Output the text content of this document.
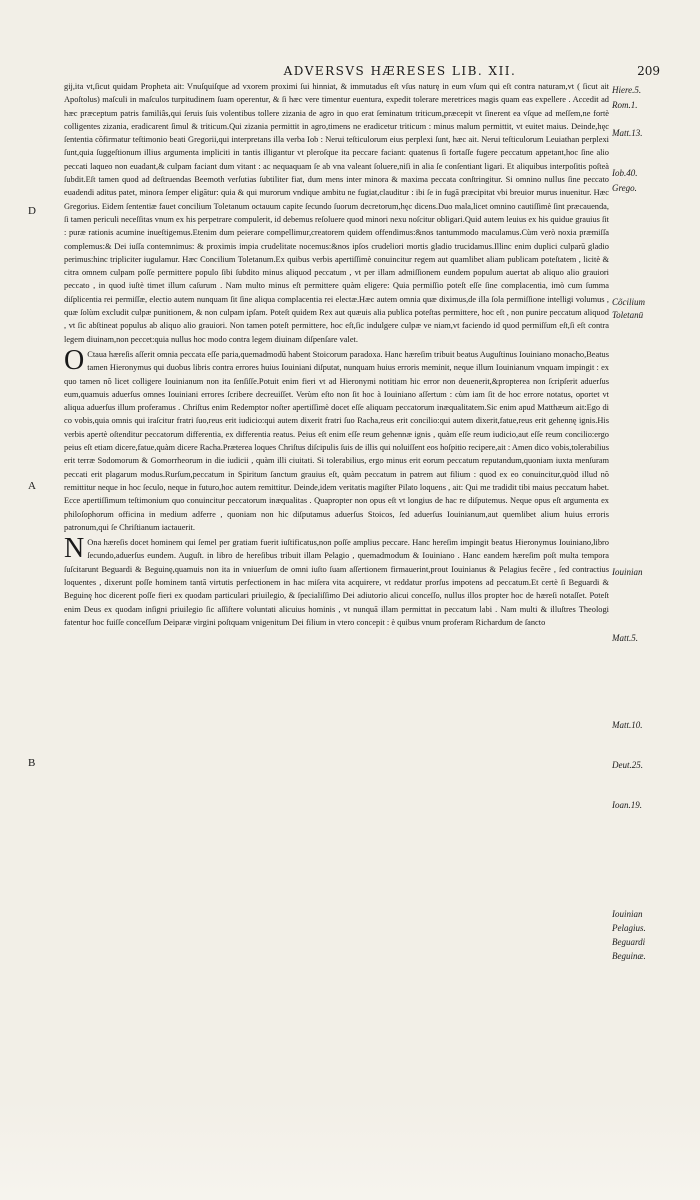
ADVERSVS HÆRESES LIB. XII.	209

gij,ita vt,ſicut quidam Propheta ait: Vnuſquiſque ad vxorem proximi ſui hinniat, & immutadus eſt vſus naturę in eum vſum qui eſt contra naturam,vt ( ſicut ait Apoſtolus) maſculi in maſculos turpitudinem ſuam operentur, & ſi hæc vere timentur euentura, expedit tolerare meretrices magis quam eas expellere . Accedit ad hæc præceptum patris familiâs,qui ſeruis ſuis volentibus tollere zizania de agro in quo erat ſeminatum triticum,præcepit vt ſinerent ea vſque ad meſſem,ne fortè colligentes zizania, eradicarent ſimul & triticum.Qui zizania permittit in agro,timens ne eradicetur triticum : minus malum permittit, vt euitet maius. Deinde,hęc ſententia cõfirmatur teſtimonio beati Gregorii,qui interpretans illa verba Iob : Nerui teſticulorum eius perplexi ſunt, hæc ait. Nerui teſticulorum Leuiathan perplexi ſunt,quia ſuggeſtionum illius argumenta impliciti in tantis illigantur vt pleroſque ita peccare faciant: quatenus ſi fortaſſe fugere peccatum appetant,hoc ſine alio peccati laqueo non euadant,& culpam faciant dum vitant : ac nequaquam ſe ab vna valeant ſoluere,niſi in alia ſe conſentiant ligari. Et aliquibus interpoſitis poſteà ſubdit.Eſt tamen quod ad deſtruendas Beemoth verſutias ſubtiliter fiat, dum mens inter minora & maxima peccata conſtringitur. Si omnino nullus ſine peccato euadendi aditus patet, minora ſemper eligātur: quia & qui murorum vndique ambitu ne fugiat,clauditur : ibi ſe in fugā præcipitat vbi breuior murus inuenitur. Hæc Gregorius. Eidem ſententiæ fauet concilium Toletanum octauum capite ſecundo ſuorum decretorum,hęc dicens.Duo mala,licet omnino cautiſſimè ſint præcauenda, ſi tamen periculi neceſſitas vnum ex his perpetrare compulerit, id debemus reſoluere quod minori nexu noſcitur obligari.Quid autem leuius ex his quidue grauius ſit : puræ rationis acumine inueſtigemus.Etenim dum peierare compellimur,creatorem quidem offendimus:&nos tantummodo maculamus.Cùm verò noxia præmiſſa complemus:& Dei iuſſa contemnimus: & proximis impia crudelitate nocemus:&nos ipſos crudeliori mortis gladio trucidamus.Illinc enim duplici culparū gladio perimus:hinc tripliciter iugulamur. Hæc Concilium Toletanum.Ex quibus verbis apertiſſimè conuincitur regem aut quamlibet aliam publicam poteſtatem , licitè & citra omnem culpam poſſe permittere populo ſibi ſubdito minus aliquod peccatum , vt per illam admiſſionem eundem populum auertat ab aliquo alio grauiori peccato , in quod iuſtè timet illum caſurum . Nam multo minus eſt permittere quàm eligere: Quia permiſſio poteſt eſſe ſine complacentia, imò cum ſumma diſplicentia rei permiſſæ, electio autem nunquam ſit ſine aliqua complacentia rei electæ.Hæc autem omnia quæ diximus,de illa ſola permiſſione intelligi volumus , quæ ſolùm excludit culpæ punitionem, & non culpam ipſam. Poteſt quidem Rex aut quæuis alia publica poteſtas permittere, hoc eſt , non punire peccatum aliquod , vt ſic abſtineat populus ab aliquo alio grauiori. Non tamen poteſt permittere, hoc eſt,ſic indulgere culpæ ve niam,vt faciendo id quod permiſſum eſt,ſi eſt contra legem diuinam,non peccet:quia nullus hoc modo contra legem diuinam diſpenſare valet.

O Ctaua hæreſis aſſerit omnia peccata eſſe paria,quemadmodū habent Stoicorum paradoxa. Hanc hæreſim tribuit beatus Auguſtinus Iouiniano monacho,Beatus tamen Hieronymus qui duobus libris contra errores huius Iouiniani diſputat, nunquam huius erroris meminit, neque illum Iouinianum vnquam impingit : ex quo tamen nõ licet colligere Iouinianum non ita ſenſiſſe.Potuit enim fieri vt ad Hieronymi notitiam hic error non deuenerit,&propterea non ſcripſerit aduerſus eum,quamuis aduerſus omnes Iouiniani errores ſcribere decreuiſſet. Verùm eſto non ſit hoc à Iouiniano aſſertum : cùm iam ſit de hoc errore notatus, oportet vt aliqua aduerſus illum proferamus . Chriſtus enim Redemptor noſter apertiſſimè docet eſſe aliquam peccatorum inæqualitatem.Sic enim apud Matthæum ait:Ego di co vobis,quia omnis qui iraſcitur fratri ſuo,reus erit iudicio:qui autem dixerit fratri ſuo Racha,reus erit concilio:qui autem dixerit,fatue,reus erit gehennę ignis.His verbis apertè oſtenditur peccatorum differentia, ex differentia reatus. Peius eſt enim eſſe reum gehennæ ignis , quàm eſſe reum iudicio,aut eſſe reum concilio:ergo peius eſt etiam dicere,fatue,quàm dicere Racha.Præterea loques Chriſtus diſcipulis ſuis de illis qui noluiſſent eos hoſpitio recipere,ait : Amen dico vobis,tolerabilius erit terræ Sodomorum & Gomorrheorum in die iudicii , quàm illi ciuitati. Si tolerabilius, ergo minus erit eorum peccatum reputandum,quoniam iuxta menſuram peccati erit plagarum modus.Rurſum,peccatum in Spiritum ſanctum grauius eſt, quàm peccatum in patrem aut filium : quod ex eo conuincitur,quòd illud nõ remittitur neque in hoc ſeculo, neque in futuro,hoc autem remittitur. Deinde,idem veritatis magiſter Pilato loquens , ait: Qui me tradidit tibi maius peccatum habet. Ecce apertiſſimum teſtimonium quo conuincitur peccatorum inæqualitas . Quapropter non opus eſt vt longius de hac re diſputemus. Neque opus eſt argumenta ex philoſophorum officina in medium adferre , quoniam non hic diſputamus aduerſus Stoicos, ſed aduerſus Iouinianum,aut quemlibet alium huius erroris patronum,qui ſe Chriſtianum iactauerit.

N Ona hæreſis docet hominem qui ſemel per gratiam fuerit iuſtificatus,non poſſe amplius peccare. Hanc hereſim impingit beatus Hieronymus Iouiniano,libro ſecundo,aduerſus eundem. Auguſt. in libro de hereſibus tribuit illam Pelagio , quemadmodum & Iouiniano . Hanc eandem hæreſim poſt multa tempora ſuſcitarunt Beguardi & Beguinę,quamuis non ita in vniuerſum de omni iuſto ſuam aſſertionem firmauerint,prout Iouinianus & Pelagius fecēre , ſed contractius loquentes , dixerunt poſſe hominem tantā virtutis perfectionem in hac miſera vita acquirere, vt reddatur prorſus impotens ad peccatum.Et certè ſi Beguardi & Beguinę hoc dicerent poſſe fieri ex quodam particulari priuilegio, & ſpecialiſſimo Dei adiutorio alicui conceſſo, nullus illos propter hoc de hæreſi notaſſet. Poteſt enim Deus ex quodam inſigni priuilegio ſic aſſiſtere voluntati alicuius hominis , vt nunquā illam permittat in peccatum labi . Nam multi & illuſtres Theologi fatentur hoc fuiſſe conceſſum Deiparæ virgini poſtquam vnigenitum Dei filium in vtero concepit : è quibus vnum proferam Richardum de ſancto

D
A
B
Hiere.5.
Rom.1.
Matt.13.
Iob.40.
Grego.
Cõcilium
Toletanū
Iouinian
Matt.5.
Matt.10.
Deut.25.
Ioan.19.
Iouinian
Pelagius.
Beguardi
Beguinæ.
